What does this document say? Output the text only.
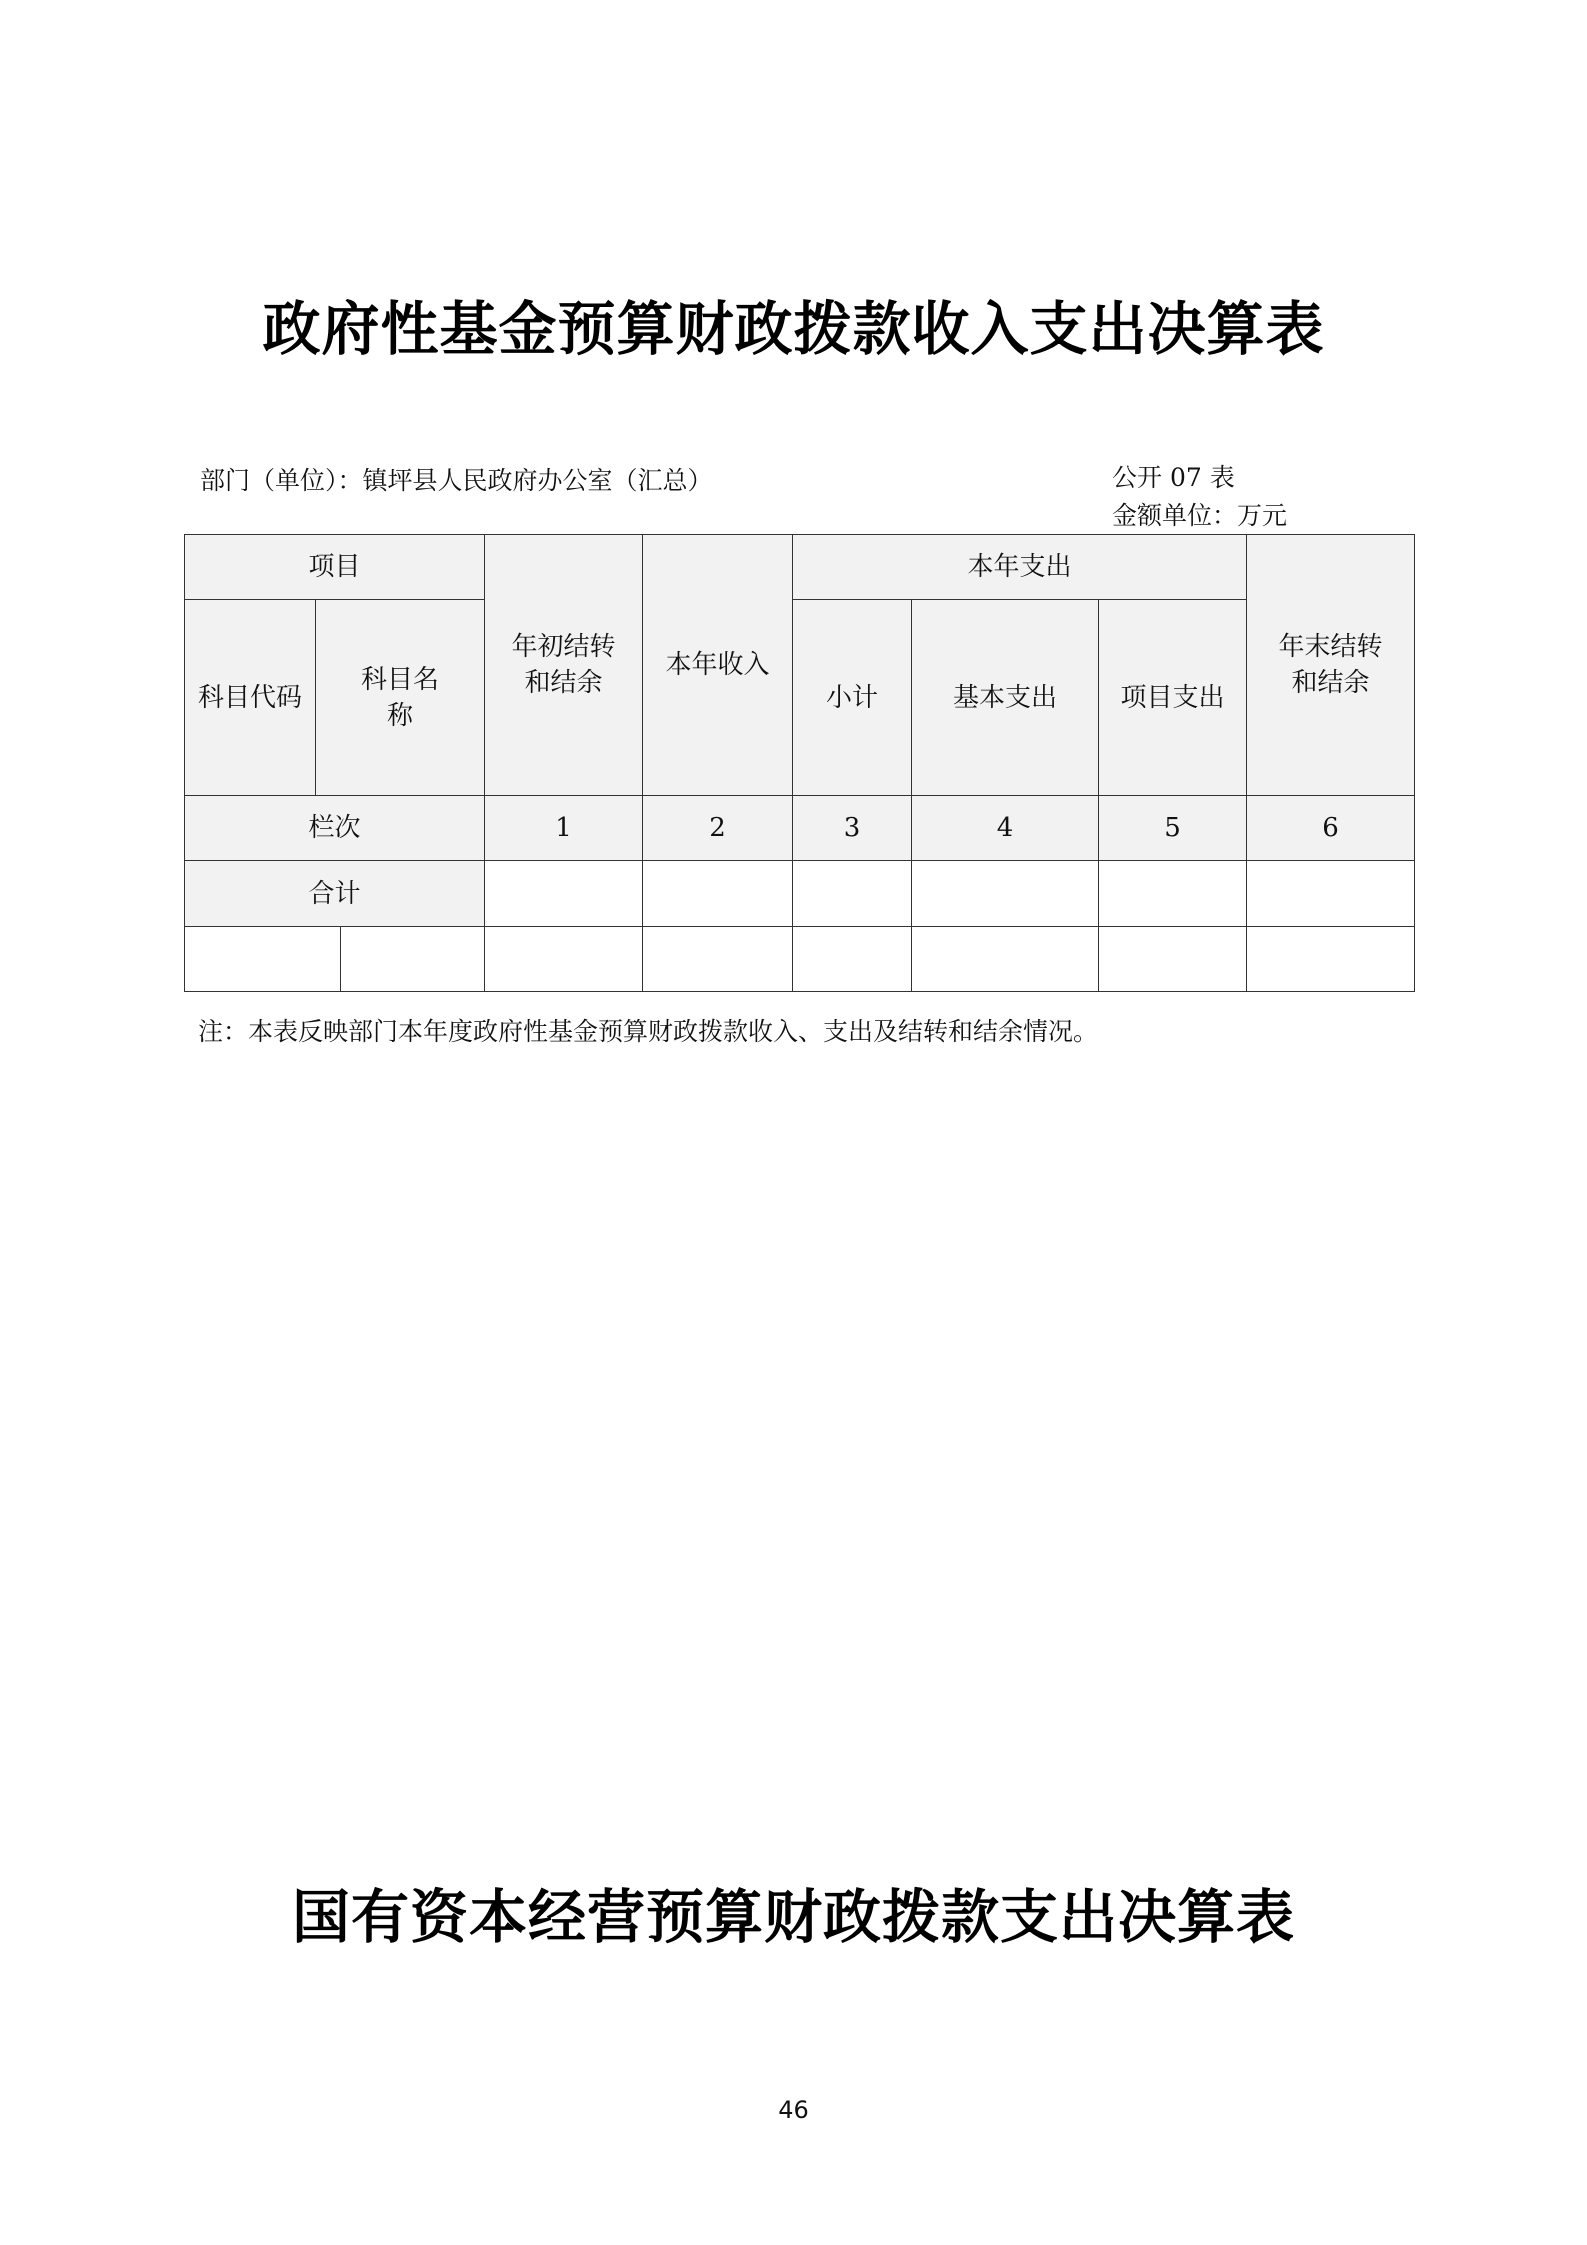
政府性基金预算财政拨款收入支出决算表
部门（单位）：镇坪县人民政府办公室（汇总）	公开 07 表
金额单位：万元
项目			年初结转和结余	本年收入	本年支出			年末结转和结余

科目代码	科目名称				小计	基本支出	项目支出	
栏次			1	2	3	4	5	6
合计								

注：本表反映部门本年度政府性基金预算财政拨款收入、支出及结转和结余情况。
国有资本经营预算财政拨款支出决算表
46
